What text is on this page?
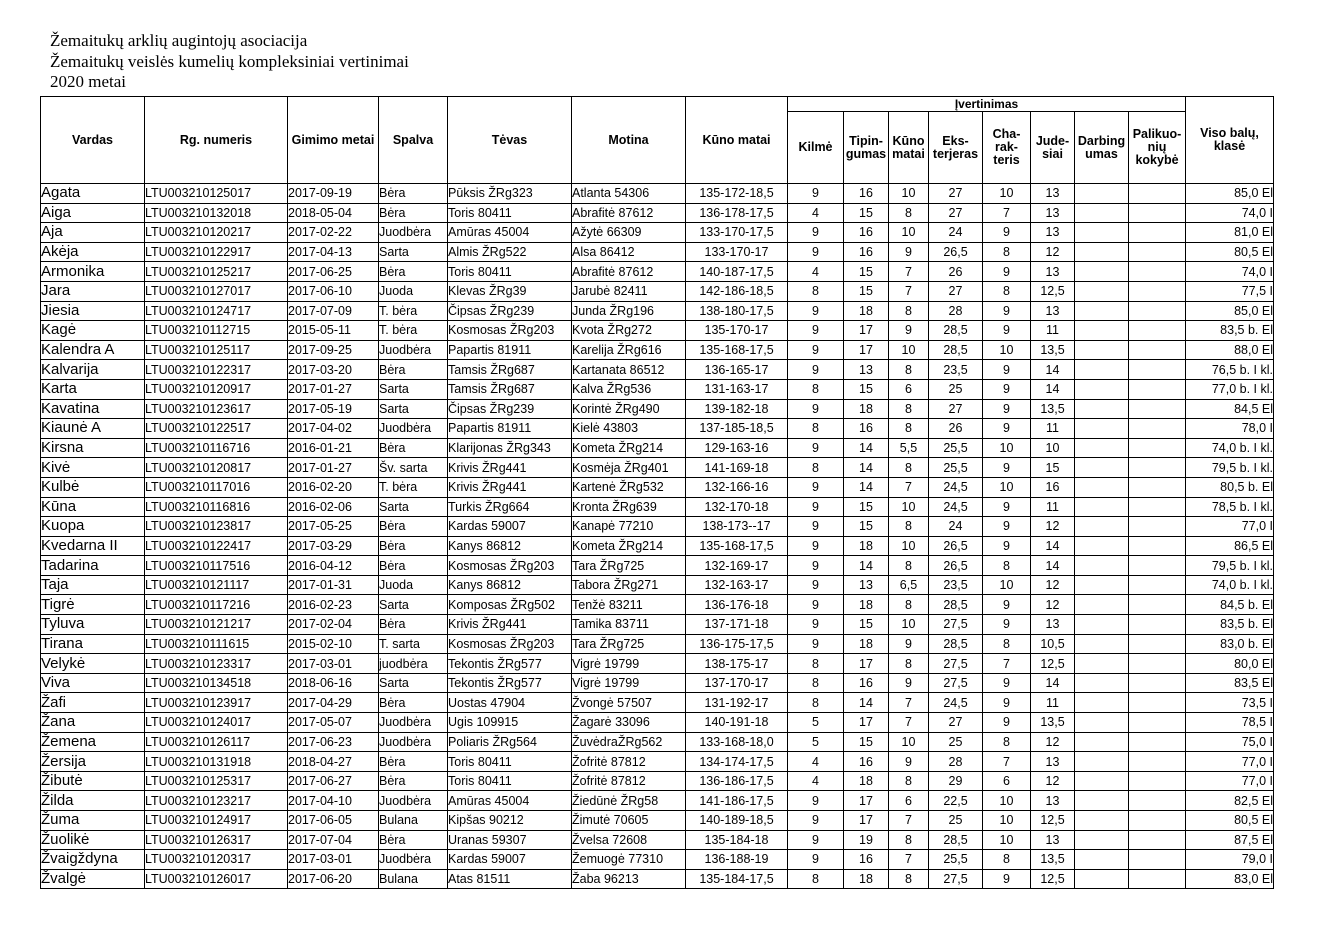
Žemaitukų arklių augintojų asociacija
Žemaitukų veislės kumelių kompleksiniai vertinimai
2020 metai
Vardas	Rg. numeris	Gimimo metai	Spalva	Tėvas	Motina	Kūno matai	Įvertinimas								Viso balų, klasė
							Kilmė	Tipin-gumas	Kūno matai	Eks-terjeras	Cha-rak-teris	Jude-siai	Darbing umas	Palikuo-nių kokybė	
Agata	LTU003210125017	2017-09-19	Bėra	Pūksis ŽRg323	Atlanta 54306	135-172-18,5	9	16	10	27	10	13			85,0 El
Aiga	LTU003210132018	2018-05-04	Bėra	Toris 80411	Abrafitė 87612	136-178-17,5	4	15	8	27	7	13			74,0 I
Aja	LTU003210120217	2017-02-22	Juodbėra	Amūras 45004	Ažytė 66309	133-170-17,5	9	16	10	24	9	13			81,0 El
Akėja	LTU003210122917	2017-04-13	Sarta	Almis ŽRg522	Alsa 86412	133-170-17	9	16	9	26,5	8	12			80,5 El
Armonika	LTU003210125217	2017-06-25	Bėra	Toris 80411	Abrafitė 87612	140-187-17,5	4	15	7	26	9	13			74,0 I
Jara	LTU003210127017	2017-06-10	Juoda	Klevas ŽRg39	Jarubė 82411	142-186-18,5	8	15	7	27	8	12,5			77,5 I
Jiesia	LTU003210124717	2017-07-09	T. bėra	Čipsas ŽRg239	Junda ŽRg196	138-180-17,5	9	18	8	28	9	13			85,0 El
Kagė	LTU003210112715	2015-05-11	T. bėra	Kosmosas ŽRg203	Kvota ŽRg272	135-170-17	9	17	9	28,5	9	11			83,5 b. El
Kalendra A	LTU003210125117	2017-09-25	Juodbėra	Papartis 81911	Karelija ŽRg616	135-168-17,5	9	17	10	28,5	10	13,5			88,0 El
Kalvarija	LTU003210122317	2017-03-20	Bėra	Tamsis ŽRg687	Kartanata 86512	136-165-17	9	13	8	23,5	9	14			76,5 b. I kl.
Karta	LTU003210120917	2017-01-27	Sarta	Tamsis ŽRg687	Kalva ŽRg536	131-163-17	8	15	6	25	9	14			77,0 b. I kl.
Kavatina	LTU003210123617	2017-05-19	Sarta	Čipsas ŽRg239	Korintė ŽRg490	139-182-18	9	18	8	27	9	13,5			84,5 El
Kiaunė A	LTU003210122517	2017-04-02	Juodbėra	Papartis 81911	Kielė 43803	137-185-18,5	8	16	8	26	9	11			78,0 I
Kirsna	LTU003210116716	2016-01-21	Bėra	Klarijonas ŽRg343	Kometa ŽRg214	129-163-16	9	14	5,5	25,5	10	10			74,0 b. I kl.
Kivė	LTU003210120817	2017-01-27	Šv. sarta	Krivis ŽRg441	Kosmėja ŽRg401	141-169-18	8	14	8	25,5	9	15			79,5 b. I kl.
Kulbė	LTU003210117016	2016-02-20	T. bėra	Krivis ŽRg441	Kartenė ŽRg532	132-166-16	9	14	7	24,5	10	16			80,5 b. El
Kūna	LTU003210116816	2016-02-06	Sarta	Turkis ŽRg664	Kronta ŽRg639	132-170-18	9	15	10	24,5	9	11			78,5 b. I kl.
Kuopa	LTU003210123817	2017-05-25	Bėra	Kardas 59007	Kanapė 77210	138-173--17	9	15	8	24	9	12			77,0 I
Kvedarna II	LTU003210122417	2017-03-29	Bėra	Kanys 86812	Kometa ŽRg214	135-168-17,5	9	18	10	26,5	9	14			86,5 El
Tadarina	LTU003210117516	2016-04-12	Bėra	Kosmosas ŽRg203	Tara ŽRg725	132-169-17	9	14	8	26,5	8	14			79,5 b. I kl.
Taja	LTU003210121117	2017-01-31	Juoda	Kanys 86812	Tabora ŽRg271	132-163-17	9	13	6,5	23,5	10	12			74,0 b. I kl.
Tigrė	LTU003210117216	2016-02-23	Sarta	Komposas ŽRg502	Tenžė 83211	136-176-18	9	18	8	28,5	9	12			84,5 b. El
Tyluva	LTU003210121217	2017-02-04	Bėra	Krivis ŽRg441	Tamika 83711	137-171-18	9	15	10	27,5	9	13			83,5 b. El
Tirana	LTU003210111615	2015-02-10	T. sarta	Kosmosas ŽRg203	Tara ŽRg725	136-175-17,5	9	18	9	28,5	8	10,5			83,0 b. El
Velykė	LTU003210123317	2017-03-01	juodbėra	Tekontis ŽRg577	Vigrė 19799	138-175-17	8	17	8	27,5	7	12,5			80,0 El
Viva	LTU003210134518	2018-06-16	Sarta	Tekontis ŽRg577	Vigrė 19799	137-170-17	8	16	9	27,5	9	14			83,5 El
Žafi	LTU003210123917	2017-04-29	Bėra	Uostas 47904	Žvongė 57507	131-192-17	8	14	7	24,5	9	11			73,5 I
Žana	LTU003210124017	2017-05-07	Juodbėra	Ugis 109915	Žagarė 33096	140-191-18	5	17	7	27	9	13,5			78,5 I
Žemena	LTU003210126117	2017-06-23	Juodbėra	Poliaris ŽRg564	ŽuvėdraŽRg562	133-168-18,0	5	15	10	25	8	12			75,0 I
Žersija	LTU003210131918	2018-04-27	Bėra	Toris 80411	Žofritė 87812	134-174-17,5	4	16	9	28	7	13			77,0 I
Žibutė	LTU003210125317	2017-06-27	Bėra	Toris 80411	Žofritė 87812	136-186-17,5	4	18	8	29	6	12			77,0 I
Žilda	LTU003210123217	2017-04-10	Juodbėra	Amūras 45004	Žiedūnė ŽRg58	141-186-17,5	9	17	6	22,5	10	13			82,5 El
Žuma	LTU003210124917	2017-06-05	Bulana	Kipšas 90212	Žimutė 70605	140-189-18,5	9	17	7	25	10	12,5			80,5 El
Žuolikė	LTU003210126317	2017-07-04	Bėra	Uranas 59307	Žvelsa 72608	135-184-18	9	19	8	28,5	10	13			87,5 El
Žvaigždyna	LTU003210120317	2017-03-01	Juodbėra	Kardas 59007	Žemuogė 77310	136-188-19	9	16	7	25,5	8	13,5			79,0 I
Žvalgė	LTU003210126017	2017-06-20	Bulana	Atas 81511	Žaba 96213	135-184-17,5	8	18	8	27,5	9	12,5			83,0 El
